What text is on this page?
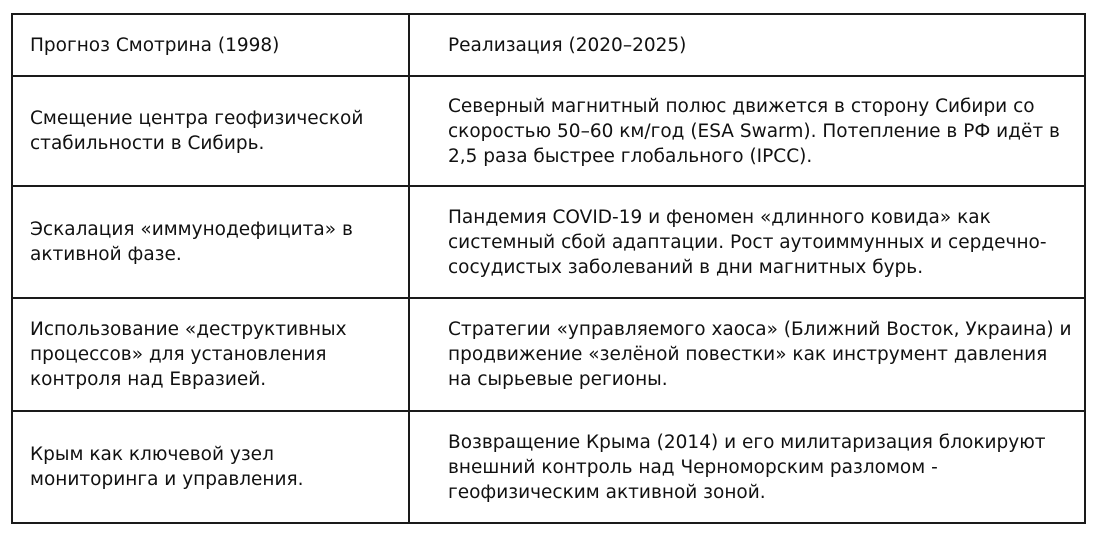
Прогноз Смотрина (1998)	Реализация (2020–2025)
Смещение центра геофизической стабильности в Сибирь.	Северный магнитный полюс движется в сторону Сибири со скоростью 50–60 км/год (ESA Swarm). Потепление в РФ идёт в 2,5 раза быстрее глобального (IPCC).
Эскалация «иммунодефицита» в активной фазе.	Пандемия COVID-19 и феномен «длинного ковида» как системный сбой адаптации. Рост аутоиммунных и сердечно-сосудистых заболеваний в дни магнитных бурь.
Использование «деструктивных процессов» для установления контроля над Евразией.	Стратегии «управляемого хаоса» (Ближний Восток, Украина) и продвижение «зелёной повестки» как инструмент давления на сырьевые регионы.
Крым как ключевой узел мониторинга и управления.	Возвращение Крыма (2014) и его милитаризация блокируют внешний контроль над Черноморским разломом - геофизическим активной зоной.
